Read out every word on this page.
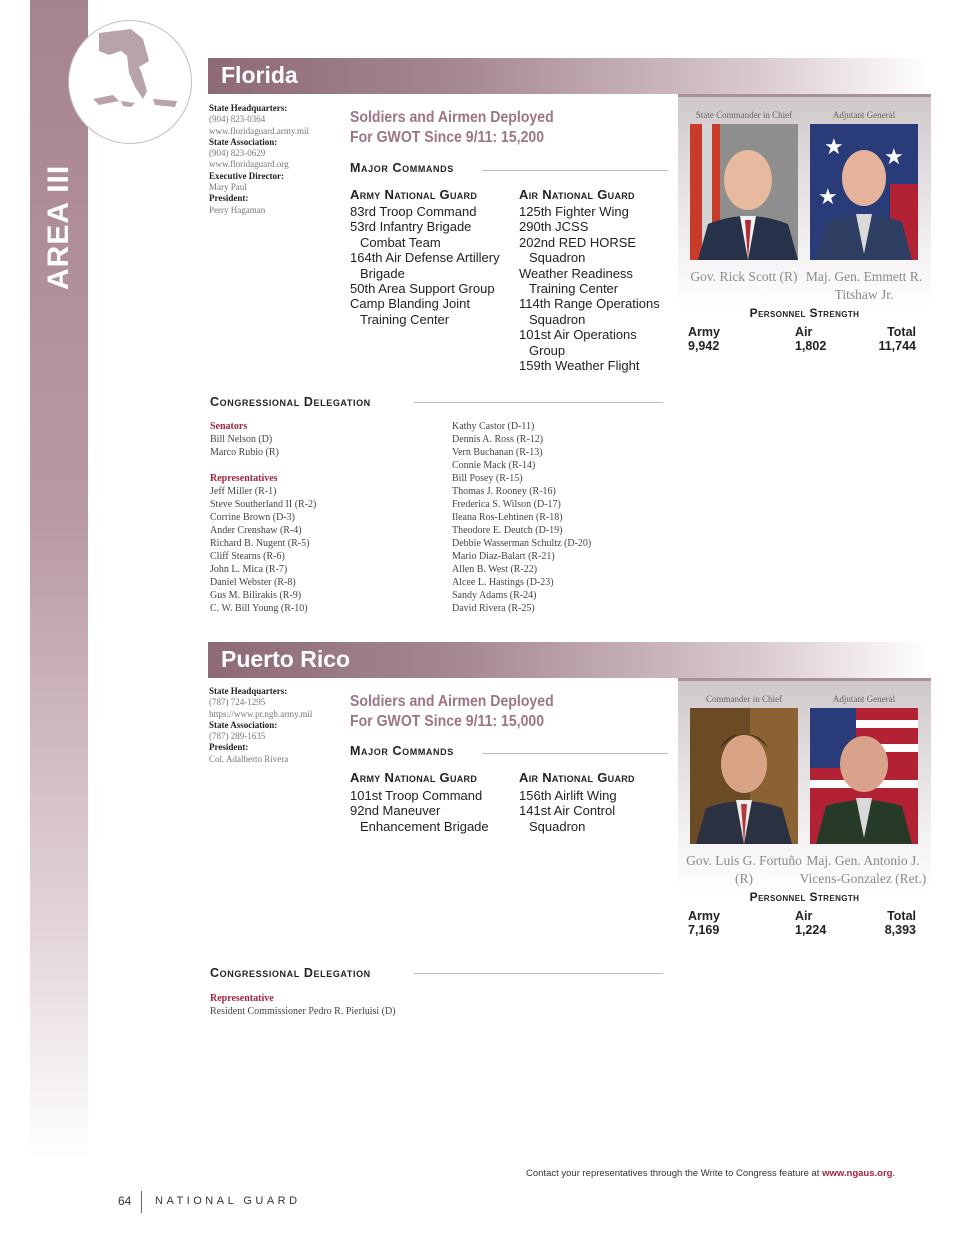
AREA III
Florida
State Headquarters:
(904) 823-0364
www.floridaguard.army.mil
State Association:
(904) 823-0629
www.floridaguard.org
Executive Director:
Mary Paul
President:
Perry Hagaman
Soldiers and Airmen Deployed
For GWOT Since 9/11: 15,200
Major Commands
Army National Guard
83rd Troop Command
53rd Infantry Brigade Combat Team
164th Air Defense Artillery Brigade
50th Area Support Group
Camp Blanding Joint Training Center
Air National Guard
125th Fighter Wing
290th JCSS
202nd RED HORSE Squadron
Weather Readiness Training Center
114th Range Operations Squadron
101st Air Operations Group
159th Weather Flight
State Commander in Chief	Adjutant General
★ ★
★
Gov. Rick Scott (R) Maj. Gen. Emmett R. Titshaw Jr.
Personnel Strength
Army
9,942
Air
1,802
Total
11,744
Congressional Delegation
Senators
Bill Nelson (D)
Marco Rubio (R)
Representatives
Jeff Miller (R-1)
Steve Southerland II (R-2)
Corrine Brown (D-3)
Ander Crenshaw (R-4)
Richard B. Nugent (R-5)
Cliff Stearns (R-6)
John L. Mica (R-7)
Daniel Webster (R-8)
Gus M. Bilirakis (R-9)
C. W. Bill Young (R-10)
Kathy Castor (D-11)
Dennis A. Ross (R-12)
Vern Buchanan (R-13)
Connie Mack (R-14)
Bill Posey (R-15)
Thomas J. Rooney (R-16)
Frederica S. Wilson (D-17)
Ileana Ros-Lehtinen (R-18)
Theodore E. Deutch (D-19)
Debbie Wasserman Schultz (D-20)
Mario Diaz-Balart (R-21)
Allen B. West (R-22)
Alcee L. Hastings (D-23)
Sandy Adams (R-24)
David Rivera (R-25)
Puerto Rico
State Headquarters:
(787) 724-1295
https://www.pr.ngb.army.mil
State Association:
(787) 289-1635
President:
Col. Adalberto Rivera
Soldiers and Airmen Deployed
For GWOT Since 9/11: 15,000
Major Commands
Army National Guard
101st Troop Command
92nd Maneuver Enhancement Brigade
Air National Guard
156th Airlift Wing
141st Air Control Squadron
Commander in Chief	Adjutant General
Gov. Luis G. Fortuño (R)
Maj. Gen. Antonio J. Vicens-Gonzalez (Ret.)
Personnel Strength
Army
7,169
Air
1,224
Total
8,393
Congressional Delegation
Representative
Resident Commissioner Pedro R. Pierluisi (D)
Contact your representatives through the Write to Congress feature at www.ngaus.org.
64 NATIONAL GUARD
